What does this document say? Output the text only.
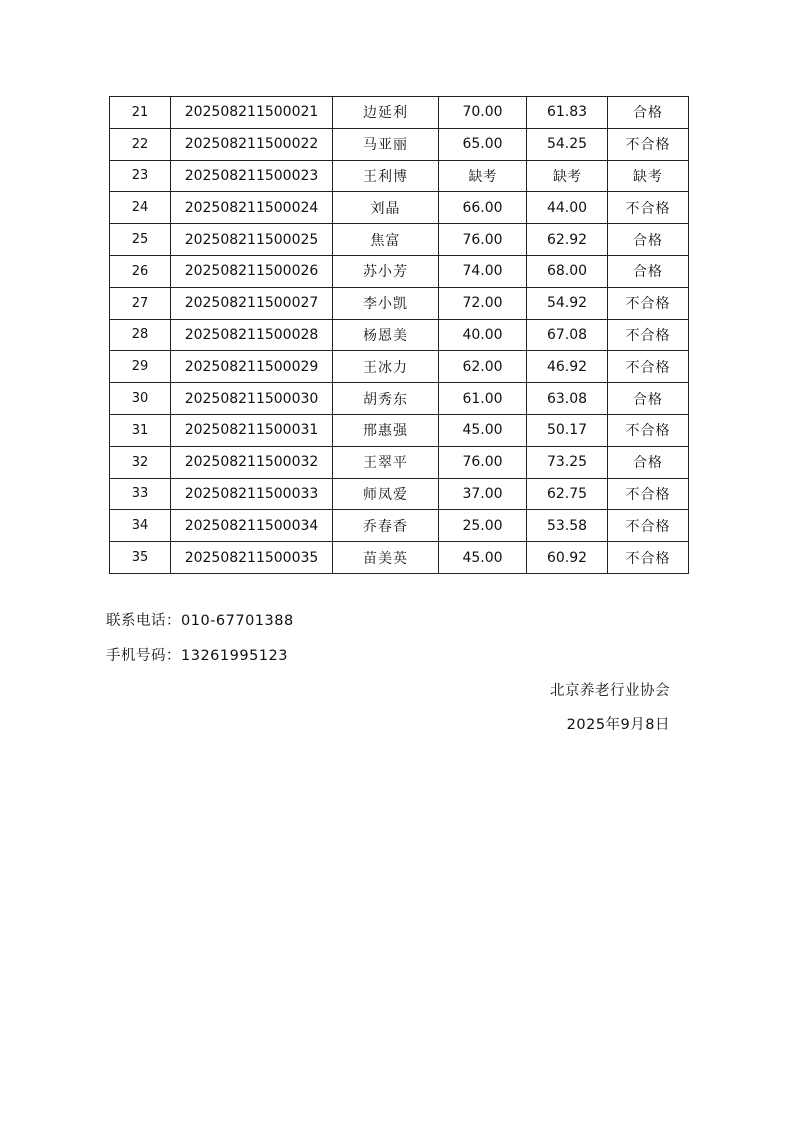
21	202508211500021	边延利	70.00	61.83	合格
22	202508211500022	马亚丽	65.00	54.25	不合格
23	202508211500023	王利博	缺考	缺考	缺考
24	202508211500024	刘晶	66.00	44.00	不合格
25	202508211500025	焦富	76.00	62.92	合格
26	202508211500026	苏小芳	74.00	68.00	合格
27	202508211500027	李小凯	72.00	54.92	不合格
28	202508211500028	杨恩美	40.00	67.08	不合格
29	202508211500029	王冰力	62.00	46.92	不合格
30	202508211500030	胡秀东	61.00	63.08	合格
31	202508211500031	邢惠强	45.00	50.17	不合格
32	202508211500032	王翠平	76.00	73.25	合格
33	202508211500033	师凤爱	37.00	62.75	不合格
34	202508211500034	乔春香	25.00	53.58	不合格
35	202508211500035	苗美英	45.00	60.92	不合格
联系电话：010-67701388
手机号码：13261995123
北京养老行业协会
2025年9月8日
